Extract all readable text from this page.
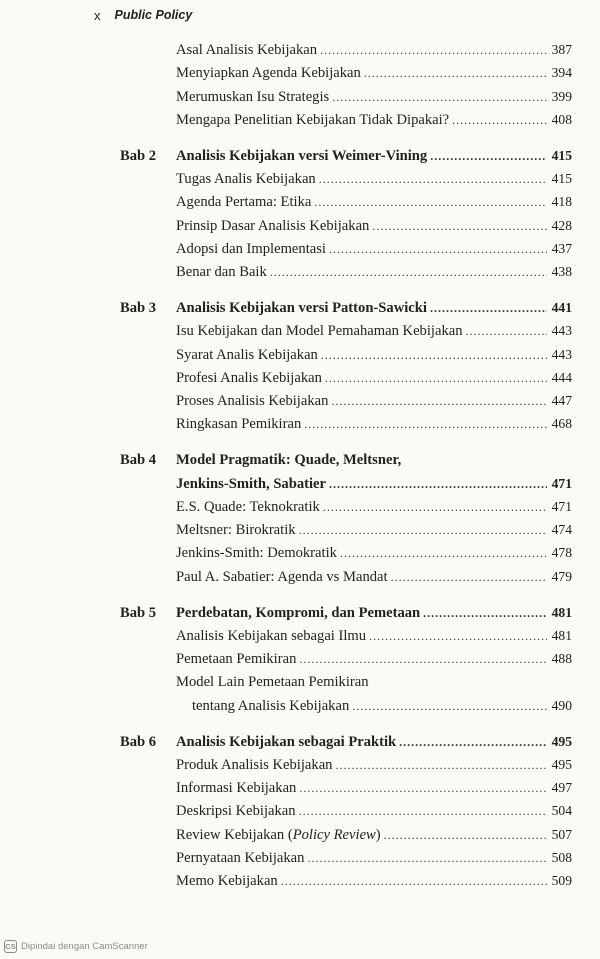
x Public Policy
Asal Analisis Kebijakan .....	387
Menyiapkan Agenda Kebijakan .....	394
Merumuskan Isu Strategis .....	399
Mengapa Penelitian Kebijakan Tidak Dipakai? .....	408
Bab 2 Analisis Kebijakan versi Weimer-Vining .....	415
Tugas Analis Kebijakan .....	415
Agenda Pertama: Etika .....	418
Prinsip Dasar Analisis Kebijakan .....	428
Adopsi dan Implementasi .....	437
Benar dan Baik .....	438
Bab 3 Analisis Kebijakan versi Patton-Sawicki .....	441
Isu Kebijakan dan Model Pemahaman Kebijakan .....	443
Syarat Analis Kebijakan .....	443
Profesi Analis Kebijakan .....	444
Proses Analisis Kebijakan .....	447
Ringkasan Pemikiran .....	468
Bab 4 Model Pragmatik: Quade, Meltsner,
Jenkins-Smith, Sabatier .....	471
E.S. Quade: Teknokratik .....	471
Meltsner: Birokratik .....	474
Jenkins-Smith: Demokratik .....	478
Paul A. Sabatier: Agenda vs Mandat .....	479
Bab 5 Perdebatan, Kompromi, dan Pemetaan .....	481
Analisis Kebijakan sebagai Ilmu .....	481
Pemetaan Pemikiran .....	488
Model Lain Pemetaan Pemikiran
tentang Analisis Kebijakan .....	490
Bab 6 Analisis Kebijakan sebagai Praktik .....	495
Produk Analisis Kebijakan .....	495
Informasi Kebijakan .....	497
Deskripsi Kebijakan .....	504
Review Kebijakan (Policy Review) .....	507
Pernyataan Kebijakan .....	508
Memo Kebijakan .....	509
CS Dipindai dengan CamScanner
